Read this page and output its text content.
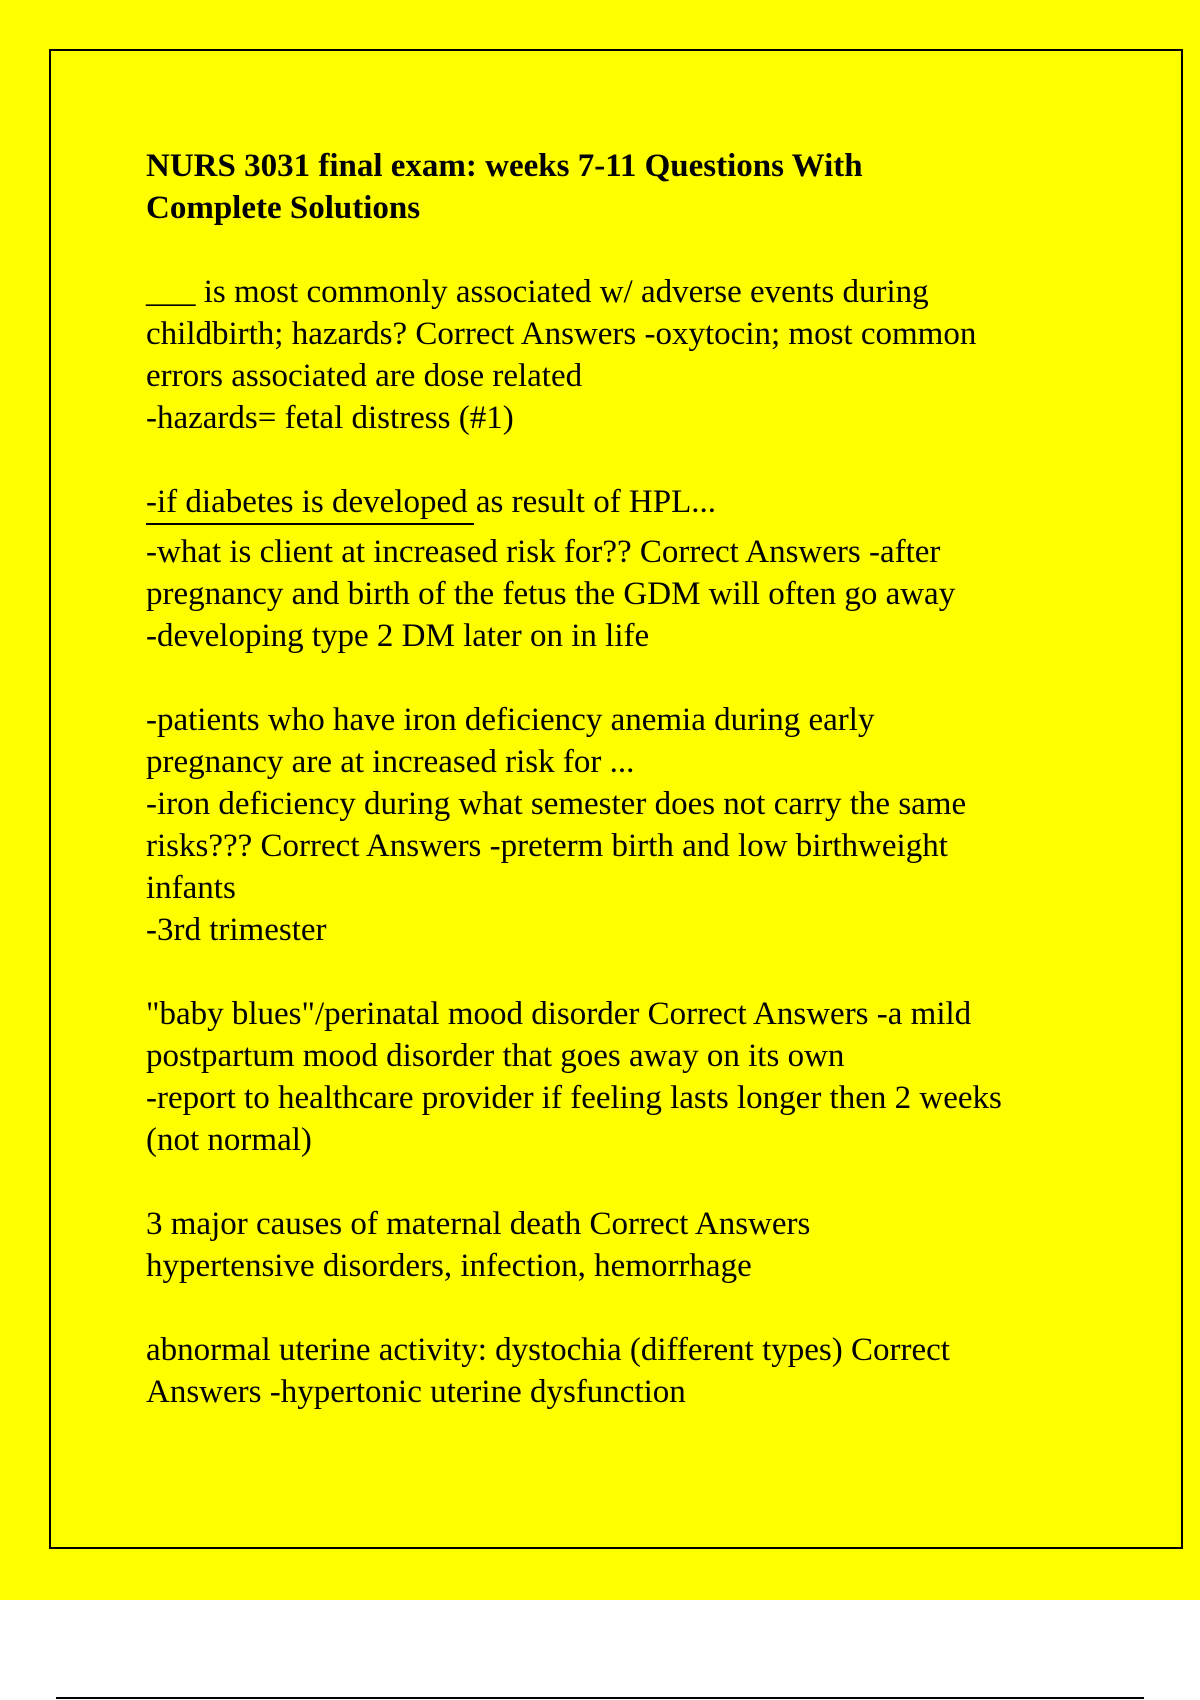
NURS 3031 final exam: weeks 7-11 Questions With
Complete Solutions
___ is most commonly associated w/ adverse events during
childbirth; hazards? Correct Answers -oxytocin; most common
errors associated are dose related
-hazards= fetal distress (#1)
-if diabetes is developed as result of HPL...
-what is client at increased risk for?? Correct Answers -after
pregnancy and birth of the fetus the GDM will often go away
-developing type 2 DM later on in life
-patients who have iron deficiency anemia during early
pregnancy are at increased risk for ...
-iron deficiency during what semester does not carry the same
risks??? Correct Answers -preterm birth and low birthweight
infants
-3rd trimester
"baby blues"/perinatal mood disorder Correct Answers -a mild
postpartum mood disorder that goes away on its own
-report to healthcare provider if feeling lasts longer then 2 weeks
(not normal)
3 major causes of maternal death Correct Answers
hypertensive disorders, infection, hemorrhage
abnormal uterine activity: dystochia (different types) Correct
Answers -hypertonic uterine dysfunction
